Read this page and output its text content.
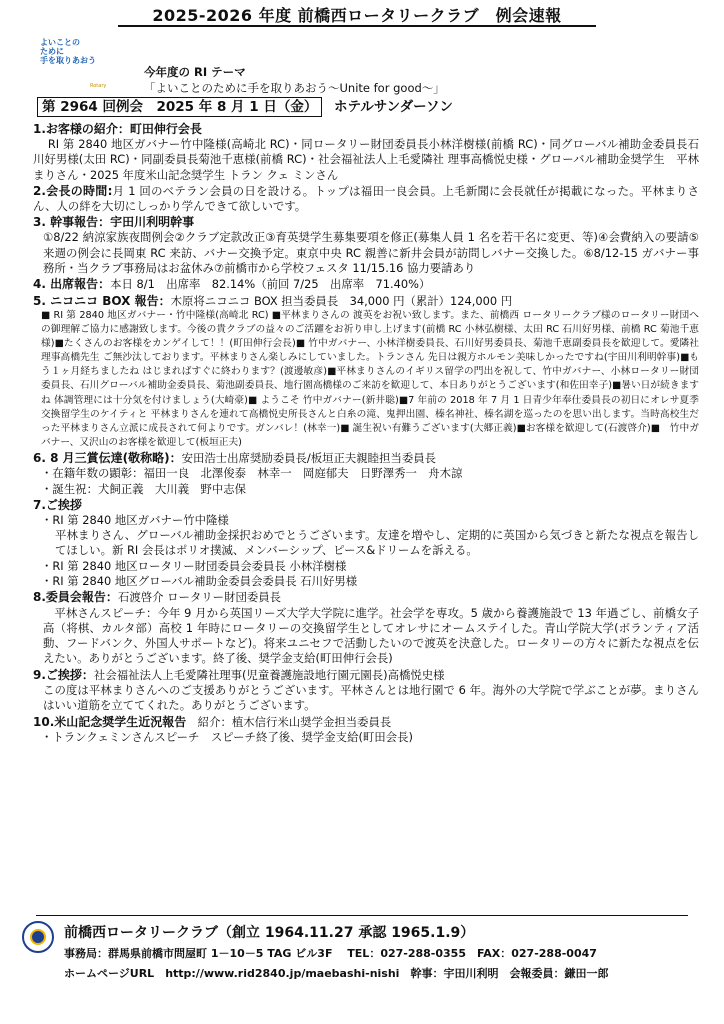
2025-2026 年度 前橋西ロータリークラブ　例会速報
よいことの
ために
手を取りあおう
Rotary
今年度の RI テーマ
「よいことのために手を取りあおう～Unite for good～」
第 2964 回例会　2025 年 8 月 1 日（金） ホテルサンダーソン
1.お客様の紹介：町田伸行会長

RI 第 2840 地区ガバナー竹中隆様(高崎北 RC)・同ロータリー財団委員長小林洋樹様(前橋 RC)・同グローバル補助金委員長石川好男様(太田 RC)・同副委員長菊池千恵様(前橋 RC)・社会福祉法人上毛愛隣社 理事高橋悦史様・グローバル補助金奨学生　平林まりさん・2025 年度米山記念奨学生 トラン クェ ミンさん

2.会長の時間:月 1 回のベテラン会員の日を設ける。トップは福田一良会員。上毛新聞に会長就任が掲載になった。平林まりさん、人の絆を大切にしっかり学んできて欲しいです。

3. 幹事報告：宇田川利明幹事

①8/22 納涼家族夜間例会②クラブ定款改正③育英奨学生募集要項を修正(募集人員 1 名を若干名に変更、等)④会費納入の要請⑤来週の例会に長岡東 RC 来訪、バナー交換予定。東京中央 RC 親善に新井会員が訪問しバナー交換した。⑥8/12-15 ガバナー事務所・当クラブ事務局はお盆休み⑦前橋市から学校フェスタ 11/15.16 協力要請あり

4. 出席報告：本日 8/1　出席率　82.14%（前回 7/25　出席率　71.40%）

5. ニコニコ BOX 報告：木原将ニコニコ BOX 担当委員長　34,000 円（累計）124,000 円

■ RI 第 2840 地区ガバナー・竹中隆様(高崎北 RC) ■平林まりさんの 渡英をお祝い致します。また、前橋西 ロータリークラブ様のロータリー財団への御理解ご協力に感謝致します。今後の貴クラブの益々のご活躍をお祈り申し上げます(前橋 RC 小林弘樹様、太田 RC 石川好男様、前橋 RC 菊池千恵様)■たくさんのお客様をカンゲイして！！(町田伸行会長)■ 竹中ガバナー、小林洋樹委員長、石川好男委員長、菊池千恵副委員長を歓迎して。愛隣社理事高橋先生 ご無沙汰しております。平林まりさん楽しみにしていました。トランさん 先日は親方ホルモン美味しかったですね(宇田川利明幹事)■もう１ヶ月経ちましたね はじまればすぐに終わります？(渡邊敏彦)■平林まりさんのイギリス留学の門出を祝して、竹中ガバナー、小林ロータリー財団委員長、石川グローバル補助金委員長、菊池副委員長、地行園高橋様のご来訪を歓迎して、本日ありがとうございます(和佐田幸子)■暑い日が続きますね 体調管理には十分気を付けましょう(大崎豪)■ ようこそ 竹中ガバナー(新井聡)■7 年前の 2018 年 7 月 1 日青少年奉仕委員長の初日にオレサ夏季交換留学生のケイティと 平林まりさんを連れて高橋悦史所長さんと白糸の滝、鬼押出園、榛名神社、榛名湖を巡ったのを思い出します。当時高校生だった平林まりさん立派に成長されて何よりです。ガンバレ！(林幸一)■ 誕生祝い有難うございます(大郷正義)■お客様を歓迎して(石渡啓介)■　竹中ガバナー、又沢山のお客様を歓迎して(板垣正夫)

6. 8 月三賞伝達(敬称略)：安田浩士出席奨励委員長/板垣正夫親睦担当委員長

・在籍年数の顕彰：福田一良　北澤俊泰　林幸一　岡庭郁夫　日野澤秀一　舟木諒
・誕生祝：犬飼正義　大川義　野中志保
7.ご挨拶
・RI 第 2840 地区ガバナー竹中隆様

平林まりさん、グローバル補助金採択おめでとうございます。友達を増やし、定期的に英国から気づきと新たな視点を報告してほしい。新 RI 会長はポリオ撲滅、メンバーシップ、ピース&ドリームを訴える。

・RI 第 2840 地区ロータリー財団委員会委員長 小林洋樹様
・RI 第 2840 地区グローバル補助金委員会委員長 石川好男様

8.委員会報告：石渡啓介 ロータリー財団委員長

平林さんスピーチ：今年 9 月から英国リーズ大学大学院に進学。社会学を専攻。5 歳から養護施設で 13 年過ごし、前橋女子高（将棋、カルタ部）高校 1 年時にロータリーの交換留学生としてオレサにオームステイした。青山学院大学(ボランティア活動、フードバンク、外国人サポートなど)。将来ユニセフで活動したいので渡英を決意した。ロータリーの方々に新たな視点を伝えたい。ありがとうございます。終了後、奨学金支給(町田伸行会長)

9.ご挨拶：社会福祉法人上毛愛隣社理事(児童養護施設地行園元園長)高橋悦史様

この度は平林まりさんへのご支援ありがとうございます。平林さんとは地行園で 6 年。海外の大学院で学ぶことが夢。まりさんはいい道筋を立ててくれた。ありがとうございます。

10.米山記念奨学生近況報告　 紹介：植木信行米山奨学金担当委員長

・トランクェミンさんスピーチ　スピーチ終了後、奨学金支給(町田会長)
前橋西ロータリークラブ（創立 1964.11.27 承認 1965.1.9）
事務局：群馬県前橋市問屋町 1－10－5 TAG ビル3F　 TEL：027-288-0355　FAX：027-288-0047
ホームページURL　http://www.rid2840.jp/maebashi-nishi　幹事：宇田川利明　会報委員：鎌田一郎
